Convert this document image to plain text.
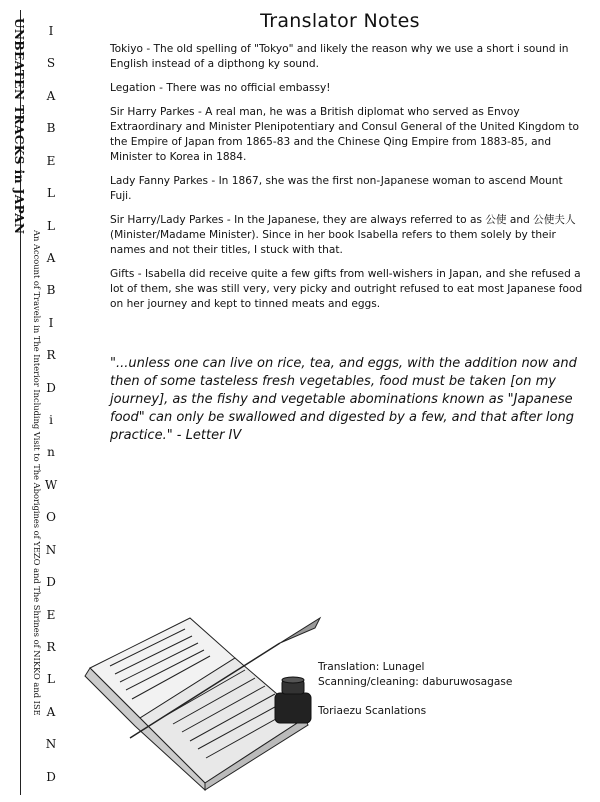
UNBEATEN TRACKS in JAPAN
An Account of Travels in The Interior Including Visit to The Aborigines of YEZO and The Shrines of NIKKO and ISE
I
S
A
B
E
L
L
A
B
I
R
D
i
n
W
O
N
D
E
R
L
A
N
D
Translator Notes
Tokiyo - The old spelling of "Tokyo" and likely the reason why we use a short i sound in English instead of a dipthong ky sound.
Legation - There was no official embassy!
Sir Harry Parkes - A real man, he was a British diplomat who served as Envoy Extraordinary and Minister Plenipotentiary and Consul General of the United Kingdom to the Empire of Japan from 1865-83 and the Chinese Qing Empire from 1883-85, and Minister to Korea in 1884.
Lady Fanny Parkes - In 1867, she was the first non-Japanese woman to ascend Mount Fuji.
Sir Harry/Lady Parkes - In the Japanese, they are always referred to as 公使 and 公使夫人 (Minister/Madame Minister). Since in her book Isabella refers to them solely by their names and not their titles, I stuck with that.
Gifts - Isabella did receive quite a few gifts from well-wishers in Japan, and she refused a lot of them, she was still very, very picky and outright refused to eat most Japanese food on her journey and kept to tinned meats and eggs.
"...unless one can live on rice, tea, and eggs, with the addition now and then of some tasteless fresh vegetables, food must be taken [on my journey], as the fishy and vegetable abominations known as "Japanese food" can only be swallowed and digested by a few, and that after long practice." - Letter IV
Translation: Lunagel
Scanning/cleaning: daburuwosagase
Toriaezu Scanlations
